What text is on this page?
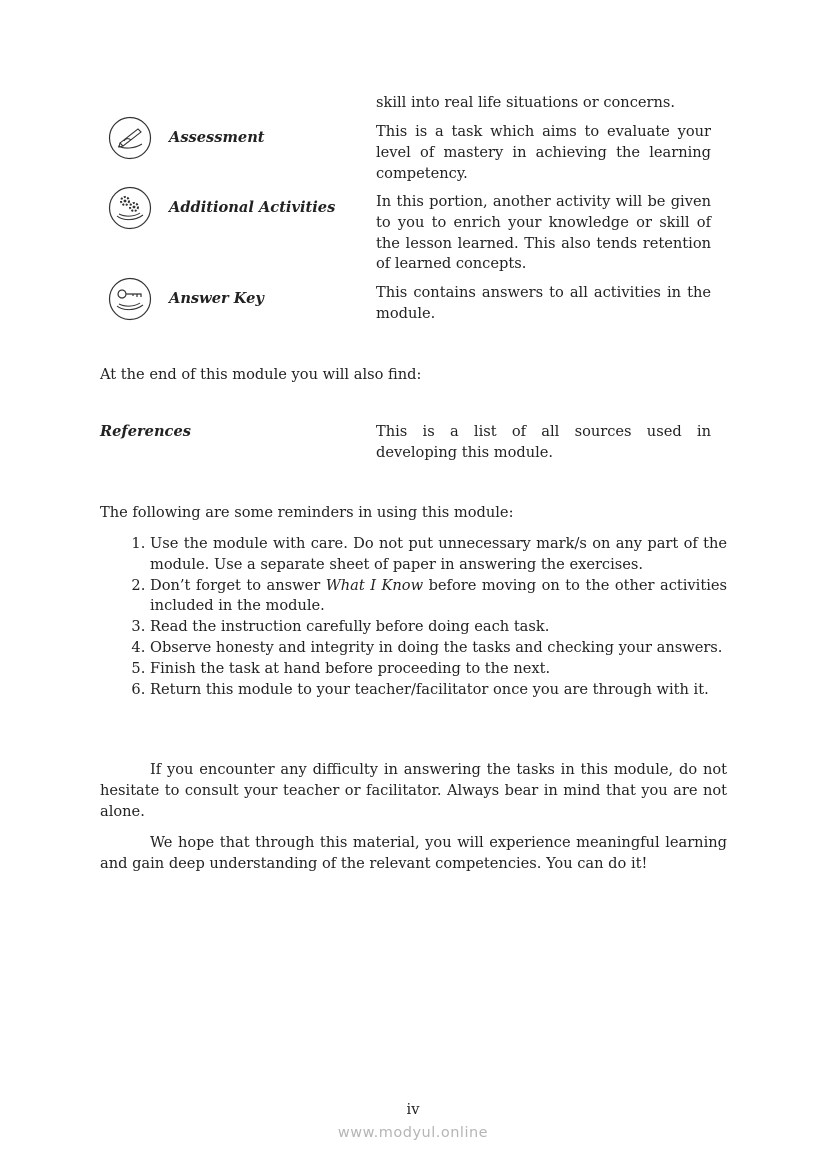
skill into real life situations or concerns.
Assessment	This is a task which aims to evaluate your level of mastery in achieving the learning competency.
Additional Activities	In this portion, another activity will be given to you to enrich your knowledge or skill of the lesson learned. This also tends retention of learned concepts.
Answer Key	This contains answers to all activities in the module.
At the end of this module you will also find:
References	This is a list of all sources used in developing this module.
The following are some reminders in using this module:
1. Use the module with care. Do not put unnecessary mark/s on any part of the module. Use a separate sheet of paper in answering the exercises.
2. Don’t forget to answer What I Know before moving on to the other activities included in the module.
3. Read the instruction carefully before doing each task.
4. Observe honesty and integrity in doing the tasks and checking your answers.
5. Finish the task at hand before proceeding to the next.
6. Return this module to your teacher/facilitator once you are through with it.
If you encounter any difficulty in answering the tasks in this module, do not hesitate to consult your teacher or facilitator. Always bear in mind that you are not alone.
We hope that through this material, you will experience meaningful learning and gain deep understanding of the relevant competencies. You can do it!
iv
www.modyul.online
